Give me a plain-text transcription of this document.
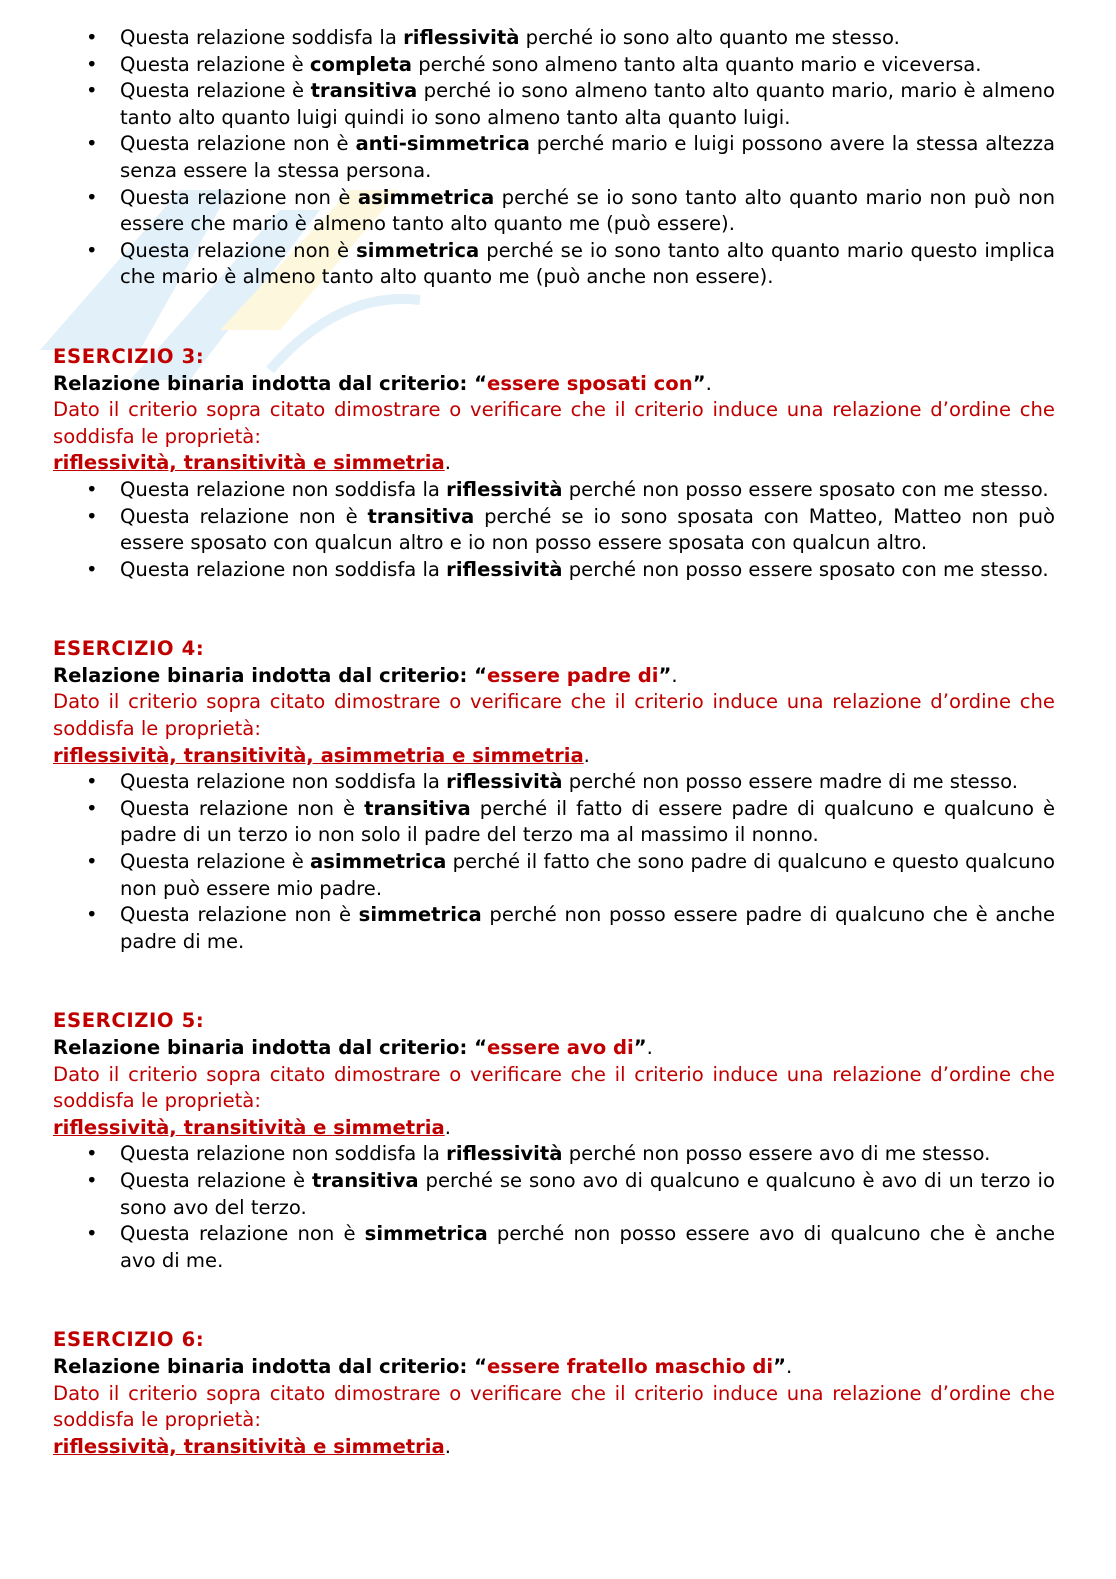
• Questa relazione soddisfa la riflessività perché io sono alto quanto me stesso.
• Questa relazione è completa perché sono almeno tanto alta quanto mario e viceversa.
• Questa relazione è transitiva perché io sono almeno tanto alto quanto mario, mario è almeno tanto alto quanto luigi quindi io sono almeno tanto alta quanto luigi.
• Questa relazione non è anti-simmetrica perché mario e luigi possono avere la stessa altezza senza essere la stessa persona.
• Questa relazione non è asimmetrica perché se io sono tanto alto quanto mario non può non essere che mario è almeno tanto alto quanto me (può essere).
• Questa relazione non è simmetrica perché se io sono tanto alto quanto mario questo implica che mario è almeno tanto alto quanto me (può anche non essere).
ESERCIZIO 3:
Relazione binaria indotta dal criterio: “essere sposati con”.
Dato il criterio sopra citato dimostrare o verificare che il criterio induce una relazione d’ordine che soddisfa le proprietà:
riflessività, transitività e simmetria.
• Questa relazione non soddisfa la riflessività perché non posso essere sposato con me stesso.
• Questa relazione non è transitiva perché se io sono sposata con Matteo, Matteo non può essere sposato con qualcun altro e io non posso essere sposata con qualcun altro.
• Questa relazione non soddisfa la riflessività perché non posso essere sposato con me stesso.
ESERCIZIO 4:
Relazione binaria indotta dal criterio: “essere padre di”.
Dato il criterio sopra citato dimostrare o verificare che il criterio induce una relazione d’ordine che soddisfa le proprietà:
riflessività, transitività, asimmetria e simmetria.
• Questa relazione non soddisfa la riflessività perché non posso essere madre di me stesso.
• Questa relazione non è transitiva perché il fatto di essere padre di qualcuno e qualcuno è padre di un terzo io non solo il padre del terzo ma al massimo il nonno.
• Questa relazione è asimmetrica perché il fatto che sono padre di qualcuno e questo qualcuno non può essere mio padre.
• Questa relazione non è simmetrica perché non posso essere padre di qualcuno che è anche padre di me.
ESERCIZIO 5:
Relazione binaria indotta dal criterio: “essere avo di”.
Dato il criterio sopra citato dimostrare o verificare che il criterio induce una relazione d’ordine che soddisfa le proprietà:
riflessività, transitività e simmetria.
• Questa relazione non soddisfa la riflessività perché non posso essere avo di me stesso.
• Questa relazione è transitiva perché se sono avo di qualcuno e qualcuno è avo di un terzo io sono avo del terzo.
• Questa relazione non è simmetrica perché non posso essere avo di qualcuno che è anche avo di me.
ESERCIZIO 6:
Relazione binaria indotta dal criterio: “essere fratello maschio di”.
Dato il criterio sopra citato dimostrare o verificare che il criterio induce una relazione d’ordine che soddisfa le proprietà:
riflessività, transitività e simmetria.
